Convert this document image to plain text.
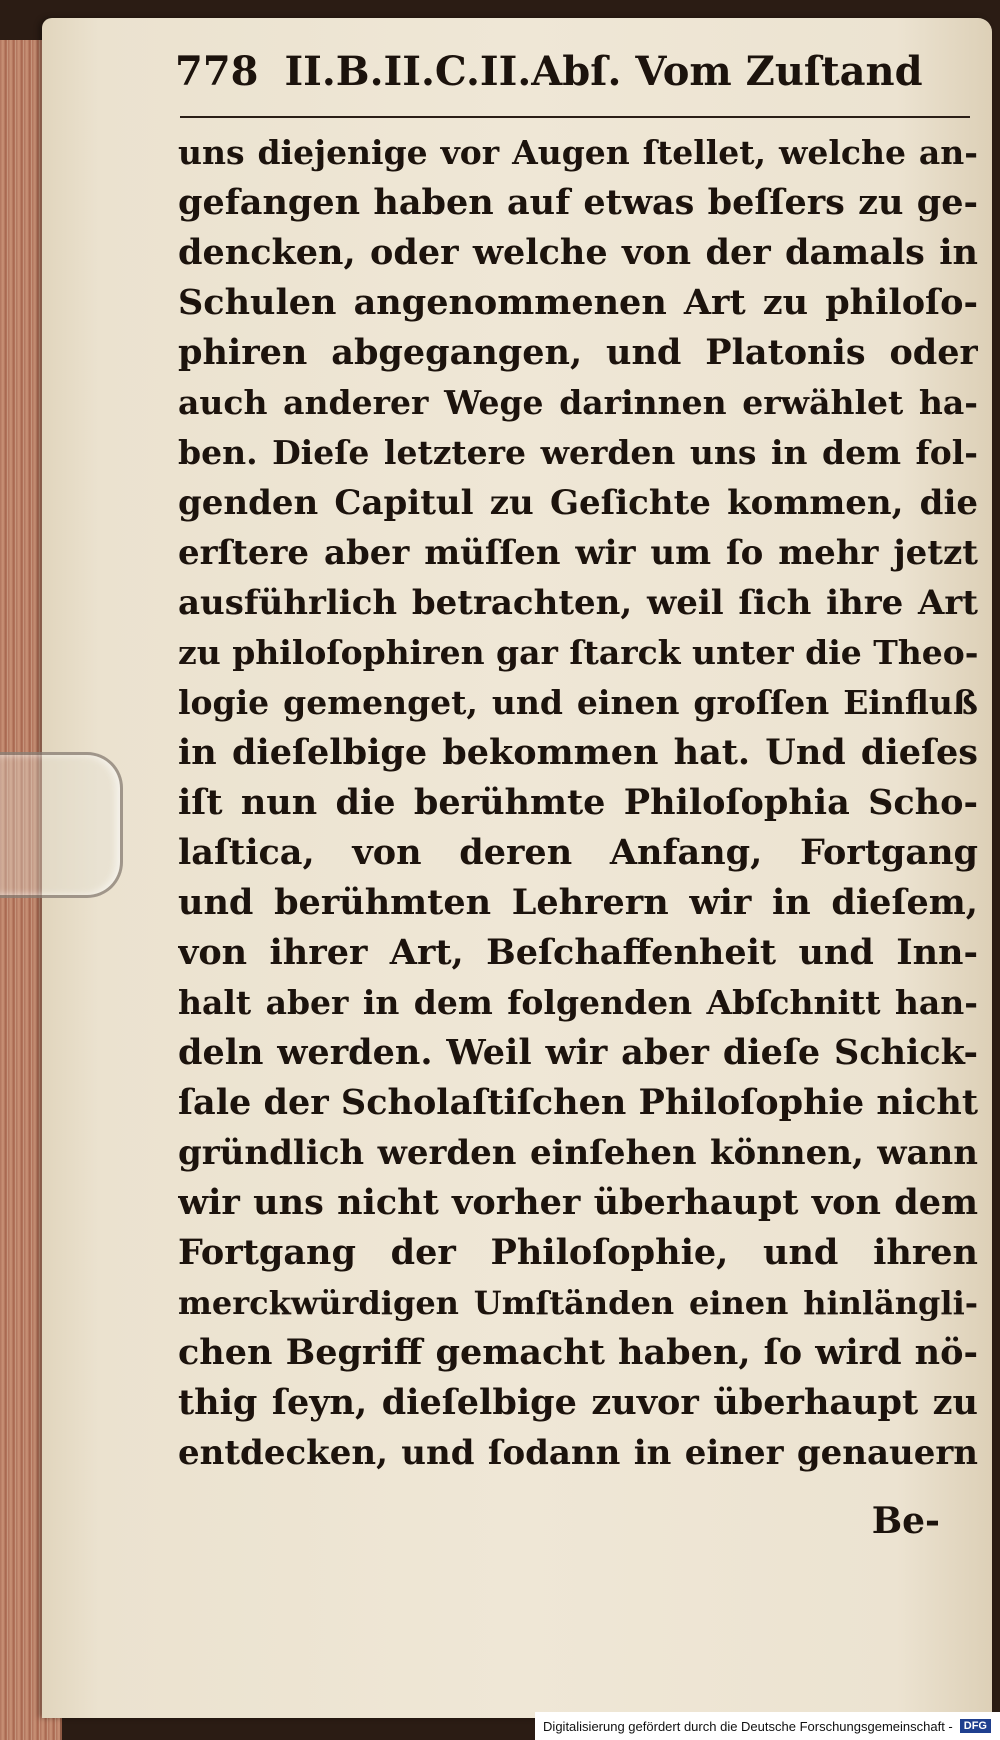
778 II.B.II.C.II.Abſ. Vom Zuſtand
uns diejenige vor Augen ſtellet, welche an-
gefangen haben auf etwas beſſers zu ge-
dencken, oder welche von der damals in
Schulen angenommenen Art zu philoſo-
phiren abgegangen, und Platonis oder
auch anderer Wege darinnen erwählet ha-
ben. Dieſe letztere werden uns in dem fol-
genden Capitul zu Geſichte kommen, die
erſtere aber müſſen wir um ſo mehr jetzt
ausführlich betrachten, weil ſich ihre Art
zu philoſophiren gar ſtarck unter die Theo-
logie gemenget, und einen groſſen Einfluß
in dieſelbige bekommen hat. Und dieſes
iſt nun die berühmte Philoſophia Scho-
laſtica, von deren Anfang, Fortgang
und berühmten Lehrern wir in dieſem,
von ihrer Art, Beſchaffenheit und Inn-
halt aber in dem folgenden Abſchnitt han-
deln werden. Weil wir aber dieſe Schick-
ſale der Scholaſtiſchen Philoſophie nicht
gründlich werden einſehen können, wann
wir uns nicht vorher überhaupt von dem
Fortgang der Philoſophie, und ihren
merckwürdigen Umſtänden einen hinlängli-
chen Begriff gemacht haben, ſo wird nö-
thig ſeyn, dieſelbige zuvor überhaupt zu
entdecken, und ſodann in einer genauern
Be-
Digitalisierung gefördert durch die Deutsche Forschungsgemeinschaft -	DFG
